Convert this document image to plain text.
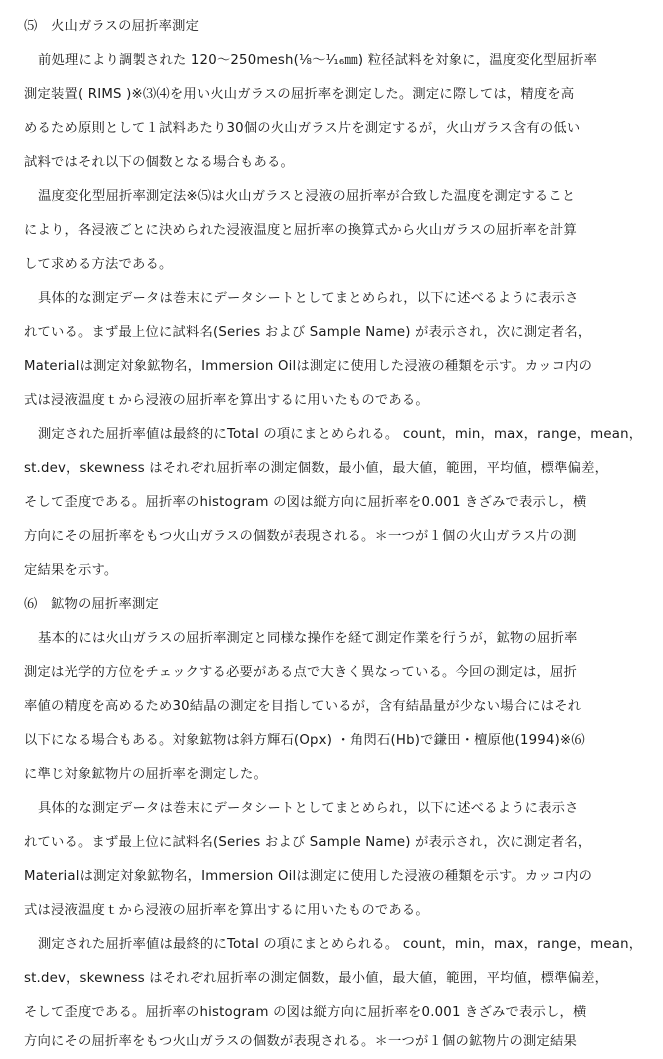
⑸　火山ガラスの屈折率測定
前処理により調製された 120～250mesh(⅛～⅟₁₆㎜) 粒径試料を対象に，温度変化型屈折率
測定装置( RIMS )※⑶⑷を用い火山ガラスの屈折率を測定した。測定に際しては，精度を高
めるため原則として１試料あたり30個の火山ガラス片を測定するが，火山ガラス含有の低い
試料ではそれ以下の個数となる場合もある。
温度変化型屈折率測定法※⑸は火山ガラスと浸液の屈折率が合致した温度を測定すること
により，各浸液ごとに決められた浸液温度と屈折率の換算式から火山ガラスの屈折率を計算
して求める方法である。
具体的な測定データは巻末にデータシートとしてまとめられ，以下に述べるように表示さ
れている。まず最上位に試料名(Series および Sample Name) が表示され，次に測定者名，
Materialは測定対象鉱物名，Immersion Oilは測定に使用した浸液の種類を示す。カッコ内の
式は浸液温度ｔから浸液の屈折率を算出するに用いたものである。
測定された屈折率値は最終的にTotal の項にまとめられる。 count，min，max，range，mean，
st.dev，skewness はそれぞれ屈折率の測定個数，最小値，最大値，範囲，平均値，標準偏差，
そして歪度である。屈折率のhistogram の図は縦方向に屈折率を0.001 きざみで表示し，横
方向にその屈折率をもつ火山ガラスの個数が表現される。＊一つが１個の火山ガラス片の測
定結果を示す。
⑹　鉱物の屈折率測定
基本的には火山ガラスの屈折率測定と同様な操作を経て測定作業を行うが，鉱物の屈折率
測定は光学的方位をチェックする必要がある点で大きく異なっている。今回の測定は，屈折
率値の精度を高めるため30結晶の測定を目指しているが，含有結晶量が少ない場合にはそれ
以下になる場合もある。対象鉱物は斜方輝石(Opx) ・角閃石(Hb)で鎌田・檀原他(1994)※⑹
に準じ対象鉱物片の屈折率を測定した。
具体的な測定データは巻末にデータシートとしてまとめられ，以下に述べるように表示さ
れている。まず最上位に試料名(Series および Sample Name) が表示され，次に測定者名，
Materialは測定対象鉱物名，Immersion Oilは測定に使用した浸液の種類を示す。カッコ内の
式は浸液温度ｔから浸液の屈折率を算出するに用いたものである。
測定された屈折率値は最終的にTotal の項にまとめられる。 count，min，max，range，mean，
st.dev，skewness はそれぞれ屈折率の測定個数，最小値，最大値，範囲，平均値，標準偏差，
そして歪度である。屈折率のhistogram の図は縦方向に屈折率を0.001 きざみで表示し，横
方向にその屈折率をもつ火山ガラスの個数が表現される。＊一つが１個の鉱物片の測定結果
